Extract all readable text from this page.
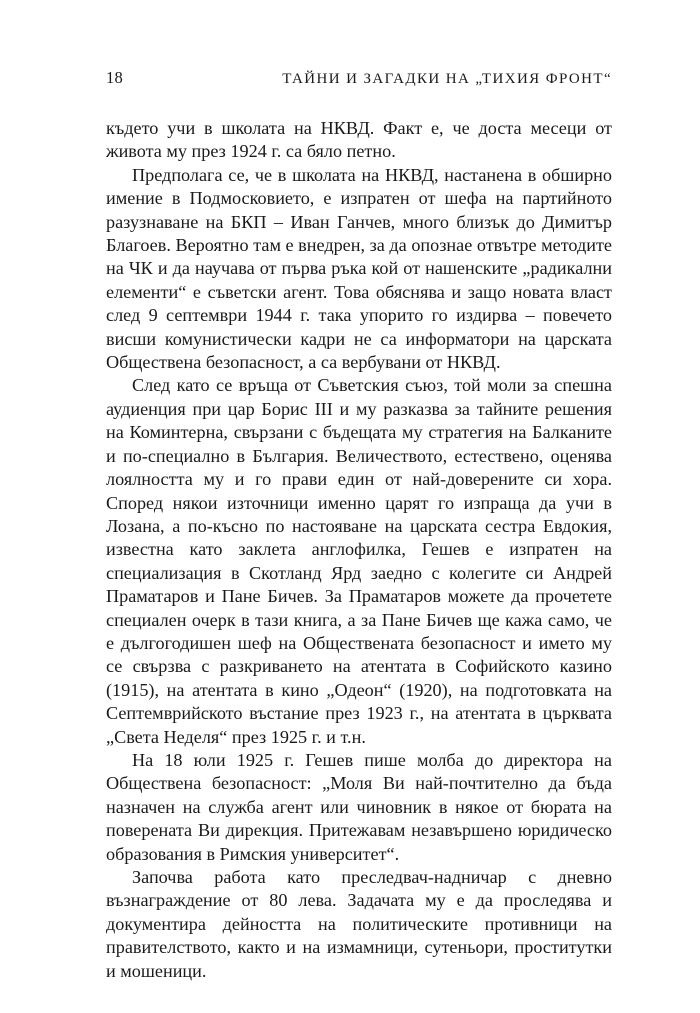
18	ТАЙНИ И ЗАГАДКИ НА „ТИХИЯ ФРОНТ“

където учи в школата на НКВД. Факт е, че доста месеци от живота му през 1924 г. са бяло петно.

Предполага се, че в школата на НКВД, настанена в обширно имение в Подмосковието, е изпратен от шефа на партийното разузнаване на БКП – Иван Ганчев, много близък до Димитър Благоев. Вероятно там е внедрен, за да опознае отвътре методите на ЧК и да научава от първа ръка кой от нашенските „радикални елементи“ е съветски агент. Това обяснява и защо новата власт след 9 септември 1944 г. така упорито го издирва – повечето висши комунистически кадри не са информатори на царската Обществена безопасност, а са вербувани от НКВД.

След като се връща от Съветския съюз, той моли за спешна аудиенция при цар Борис III и му разказва за тайните решения на Коминтерна, свързани с бъдещата му стратегия на Балканите и по-специално в България. Величеството, естествено, оценява лоялността му и го прави един от най-доверените си хора. Според някои източници именно царят го изпраща да учи в Лозана, а по-късно по настояване на царската сестра Евдокия, известна като заклета англофилка, Гешев е изпратен на специализация в Скотланд Ярд заедно с колегите си Андрей Праматаров и Пане Бичев. За Праматаров можете да прочетете специален очерк в тази книга, а за Пане Бичев ще кажа само, че е дългогодишен шеф на Обществената безопасност и името му се свързва с разкриването на атентата в Софийското казино (1915), на атентата в кино „Одеон“ (1920), на подготовката на Септемврийското въстание през 1923 г., на атентата в църквата „Света Неделя“ през 1925 г. и т.н.

На 18 юли 1925 г. Гешев пише молба до директора на Обществена безопасност: „Моля Ви най-почтително да бъда назначен на служба агент или чиновник в някое от бюрата на поверената Ви дирекция. Притежавам незавършено юридическо образования в Римския университет“.

Започва работа като преследвач-надничар с дневно възнаграждение от 80 лева. Задачата му е да проследява и документира дейността на политическите противници на правителството, както и на измамници, сутеньори, проститутки и мошеници.
